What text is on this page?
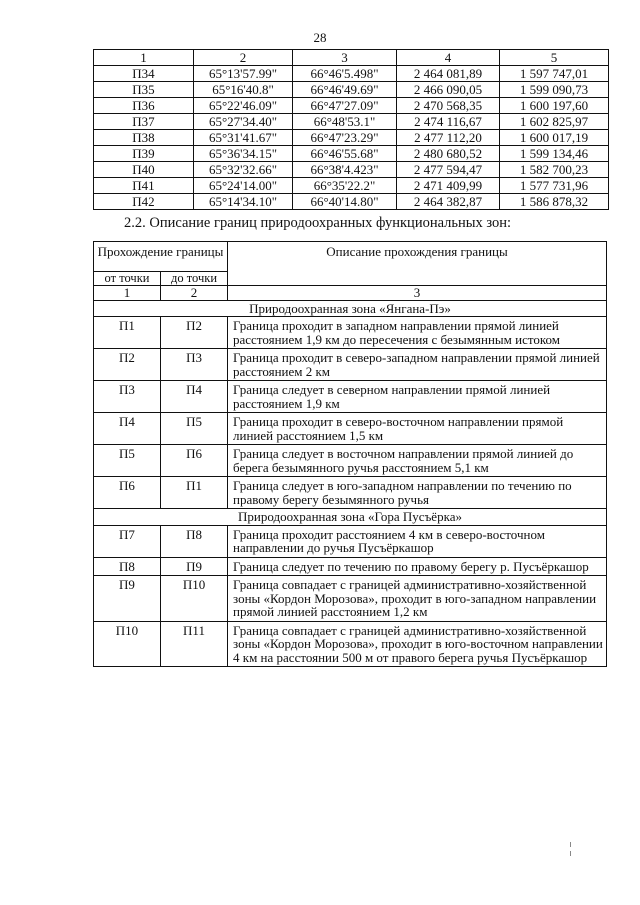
28
1	2	3	4	5
П34	65°13'57.99"	66°46'5.498"	2 464 081,89	1 597 747,01
П35	65°16'40.8"	66°46'49.69"	2 466 090,05	1 599 090,73
П36	65°22'46.09"	66°47'27.09"	2 470 568,35	1 600 197,60
П37	65°27'34.40"	66°48'53.1"	2 474 116,67	1 602 825,97
П38	65°31'41.67"	66°47'23.29"	2 477 112,20	1 600 017,19
П39	65°36'34.15"	66°46'55.68"	2 480 680,52	1 599 134,46
П40	65°32'32.66"	66°38'4.423"	2 477 594,47	1 582 700,23
П41	65°24'14.00"	66°35'22.2"	2 471 409,99	1 577 731,96
П42	65°14'34.10"	66°40'14.80"	2 464 382,87	1 586 878,32
2.2. Описание границ природоохранных функциональных зон:
Прохождение границы		Описание прохождения границы
от точки	до точки	
1	2	3
Природоохранная зона «Янгана-Пэ»		
П1	П2	Граница проходит в западном направлении прямой линией расстоянием 1,9 км до пересечения с безымянным истоком
П2	П3	Граница проходит в северо-западном направлении прямой линией расстоянием 2 км
П3	П4	Граница следует в северном направлении прямой линией расстоянием 1,9 км
П4	П5	Граница проходит в северо-восточном направлении прямой линией расстоянием 1,5 км
П5	П6	Граница следует в восточном направлении прямой линией до берега безымянного ручья расстоянием 5,1 км
П6	П1	Граница следует в юго-западном направлении по течению по правому берегу безымянного ручья
Природоохранная зона «Гора Пусъёрка»		
П7	П8	Граница проходит расстоянием 4 км в северо-восточном направлении до ручья Пусъёркашор
П8	П9	Граница следует по течению по правому берегу р. Пусъёркашор
П9	П10	Граница совпадает с границей административно-хозяйственной зоны «Кордон Морозова», проходит в юго-западном направлении прямой линией расстоянием 1,2 км
П10	П11	Граница совпадает с границей административно-хозяйственной зоны «Кордон Морозова», проходит в юго-восточном направлении 4 км на расстоянии 500 м от правого берега ручья Пусъёркашор
